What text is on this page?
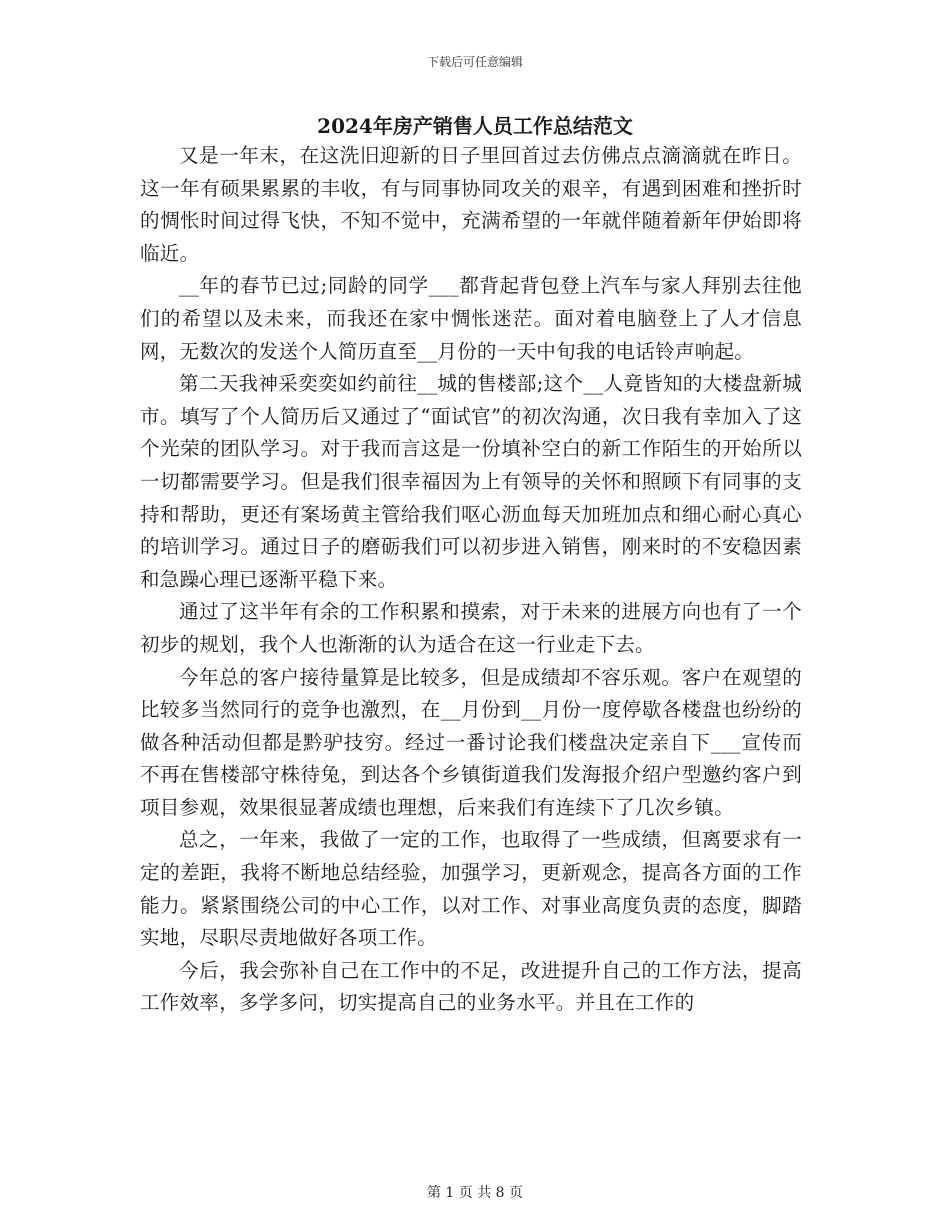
下载后可任意编辑
2024年房产销售人员工作总结范文

又是一年末，在这洗旧迎新的日子里回首过去仿佛点点滴滴就在昨日。这一年有硕果累累的丰收，有与同事协同攻关的艰辛，有遇到困难和挫折时的惆怅时间过得飞快，不知不觉中，充满希望的一年就伴随着新年伊始即将临近。

__年的春节已过;同龄的同学___都背起背包登上汽车与家人拜别去往他们的希望以及未来，而我还在家中惆怅迷茫。面对着电脑登上了人才信息网，无数次的发送个人简历直至__月份的一天中旬我的电话铃声响起。

第二天我神采奕奕如约前往__城的售楼部;这个__人竟皆知的大楼盘新城市。填写了个人简历后又通过了“面试官”的初次沟通，次日我有幸加入了这个光荣的团队学习。对于我而言这是一份填补空白的新工作陌生的开始所以一切都需要学习。但是我们很幸福因为上有领导的关怀和照顾下有同事的支持和帮助，更还有案场黄主管给我们呕心沥血每天加班加点和细心耐心真心的培训学习。通过日子的磨砺我们可以初步进入销售，刚来时的不安稳因素和急躁心理已逐渐平稳下来。

通过了这半年有余的工作积累和摸索，对于未来的进展方向也有了一个初步的规划，我个人也渐渐的认为适合在这一行业走下去。

今年总的客户接待量算是比较多，但是成绩却不容乐观。客户在观望的比较多当然同行的竞争也激烈，在__月份到__月份一度停歇各楼盘也纷纷的做各种活动但都是黔驴技穷。经过一番讨论我们楼盘决定亲自下___宣传而不再在售楼部守株待兔，到达各个乡镇街道我们发海报介绍户型邀约客户到项目参观，效果很显著成绩也理想，后来我们有连续下了几次乡镇。

总之，一年来，我做了一定的工作，也取得了一些成绩，但离要求有一定的差距，我将不断地总结经验，加强学习，更新观念，提高各方面的工作能力。紧紧围绕公司的中心工作，以对工作、对事业高度负责的态度，脚踏实地，尽职尽责地做好各项工作。

今后，我会弥补自己在工作中的不足，改进提升自己的工作方法，提高工作效率，多学多问，切实提高自己的业务水平。并且在工作的

第 1 页 共 8 页
